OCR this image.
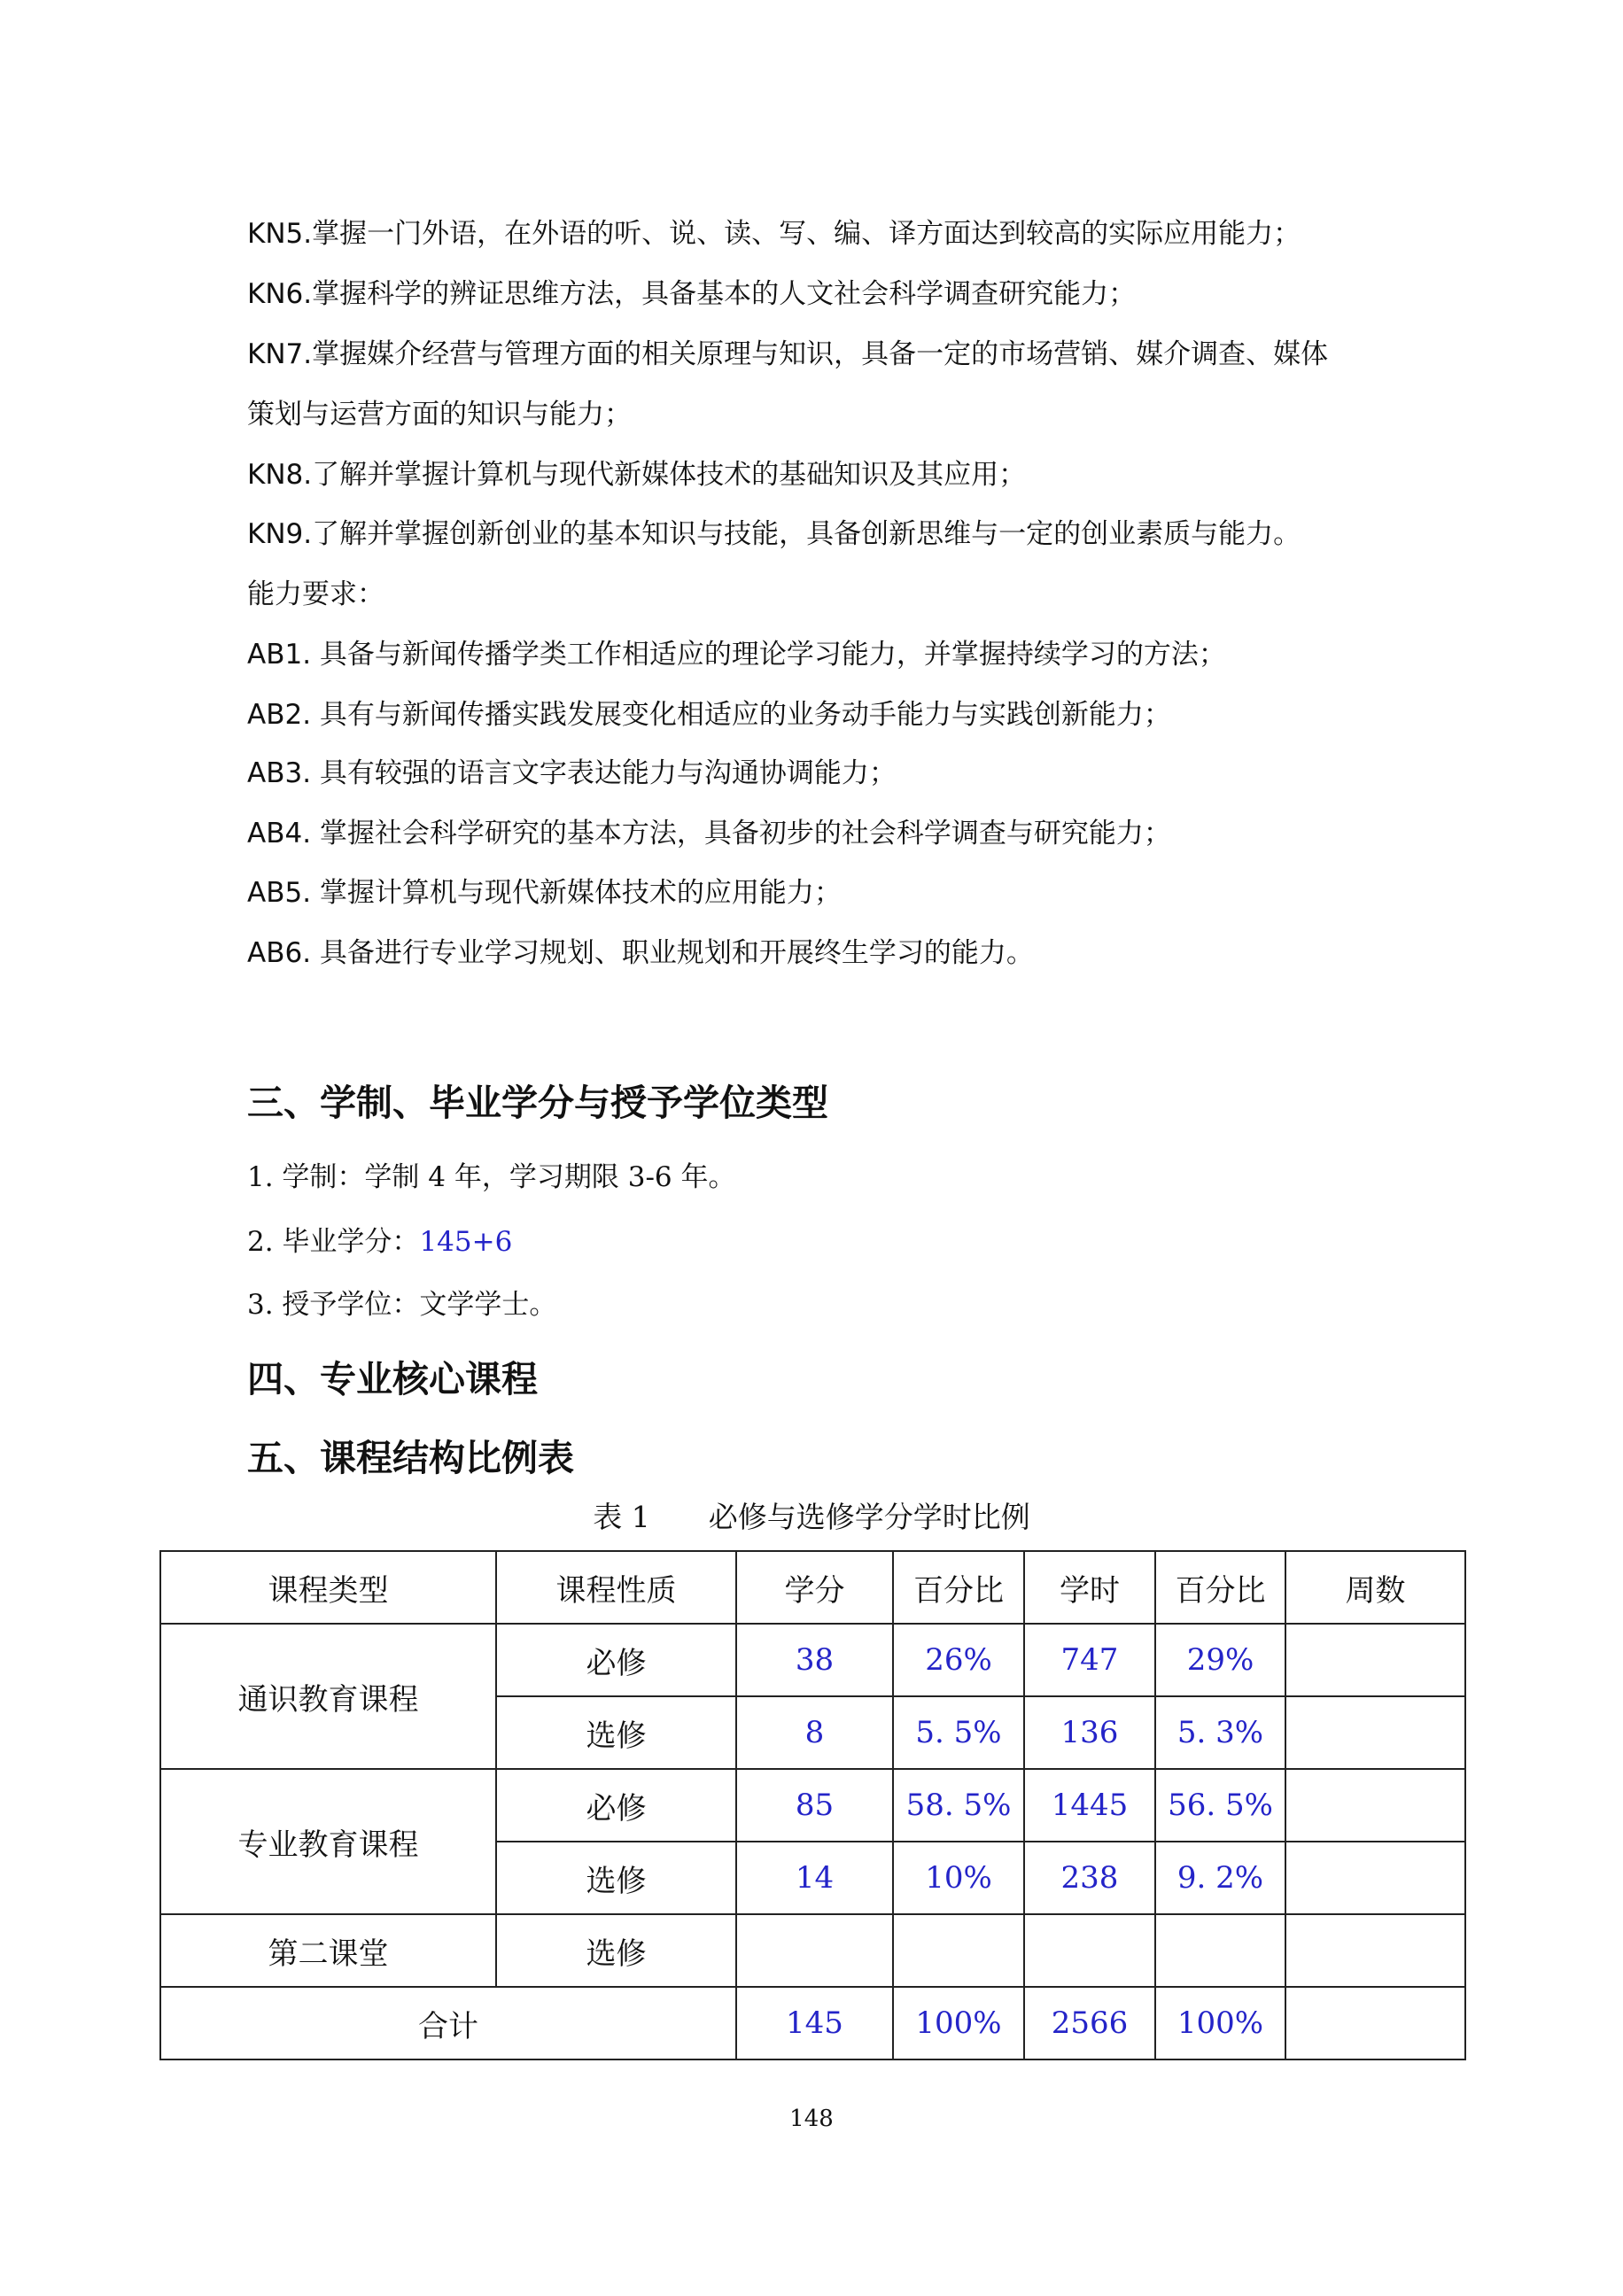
KN5.掌握一门外语，在外语的听、说、读、写、编、译方面达到较高的实际应用能力；
KN6.掌握科学的辨证思维方法，具备基本的人文社会科学调查研究能力；
KN7.掌握媒介经营与管理方面的相关原理与知识，具备一定的市场营销、媒介调查、媒体
策划与运营方面的知识与能力；
KN8.了解并掌握计算机与现代新媒体技术的基础知识及其应用；
KN9.了解并掌握创新创业的基本知识与技能，具备创新思维与一定的创业素质与能力。
能力要求：
AB1. 具备与新闻传播学类工作相适应的理论学习能力，并掌握持续学习的方法；
AB2. 具有与新闻传播实践发展变化相适应的业务动手能力与实践创新能力；
AB3. 具有较强的语言文字表达能力与沟通协调能力；
AB4. 掌握社会科学研究的基本方法，具备初步的社会科学调查与研究能力；
AB5. 掌握计算机与现代新媒体技术的应用能力；
AB6. 具备进行专业学习规划、职业规划和开展终生学习的能力。
三、学制、毕业学分与授予学位类型
1. 学制：学制 4 年，学习期限 3-6 年。
2. 毕业学分：145+6
3. 授予学位：文学学士。
四、专业核心课程
五、课程结构比例表
表 1　　必修与选修学分学时比例
课程类型	课程性质	学分	百分比	学时	百分比	周数
通识教育课程	必修	38	26%	747	29%	
	选修	8	5. 5%	136	5. 3%	
专业教育课程	必修	85	58. 5%	1445	56. 5%	
	选修	14	10%	238	9. 2%	
第二课堂	选修					
合计		145	100%	2566	100%	
148
